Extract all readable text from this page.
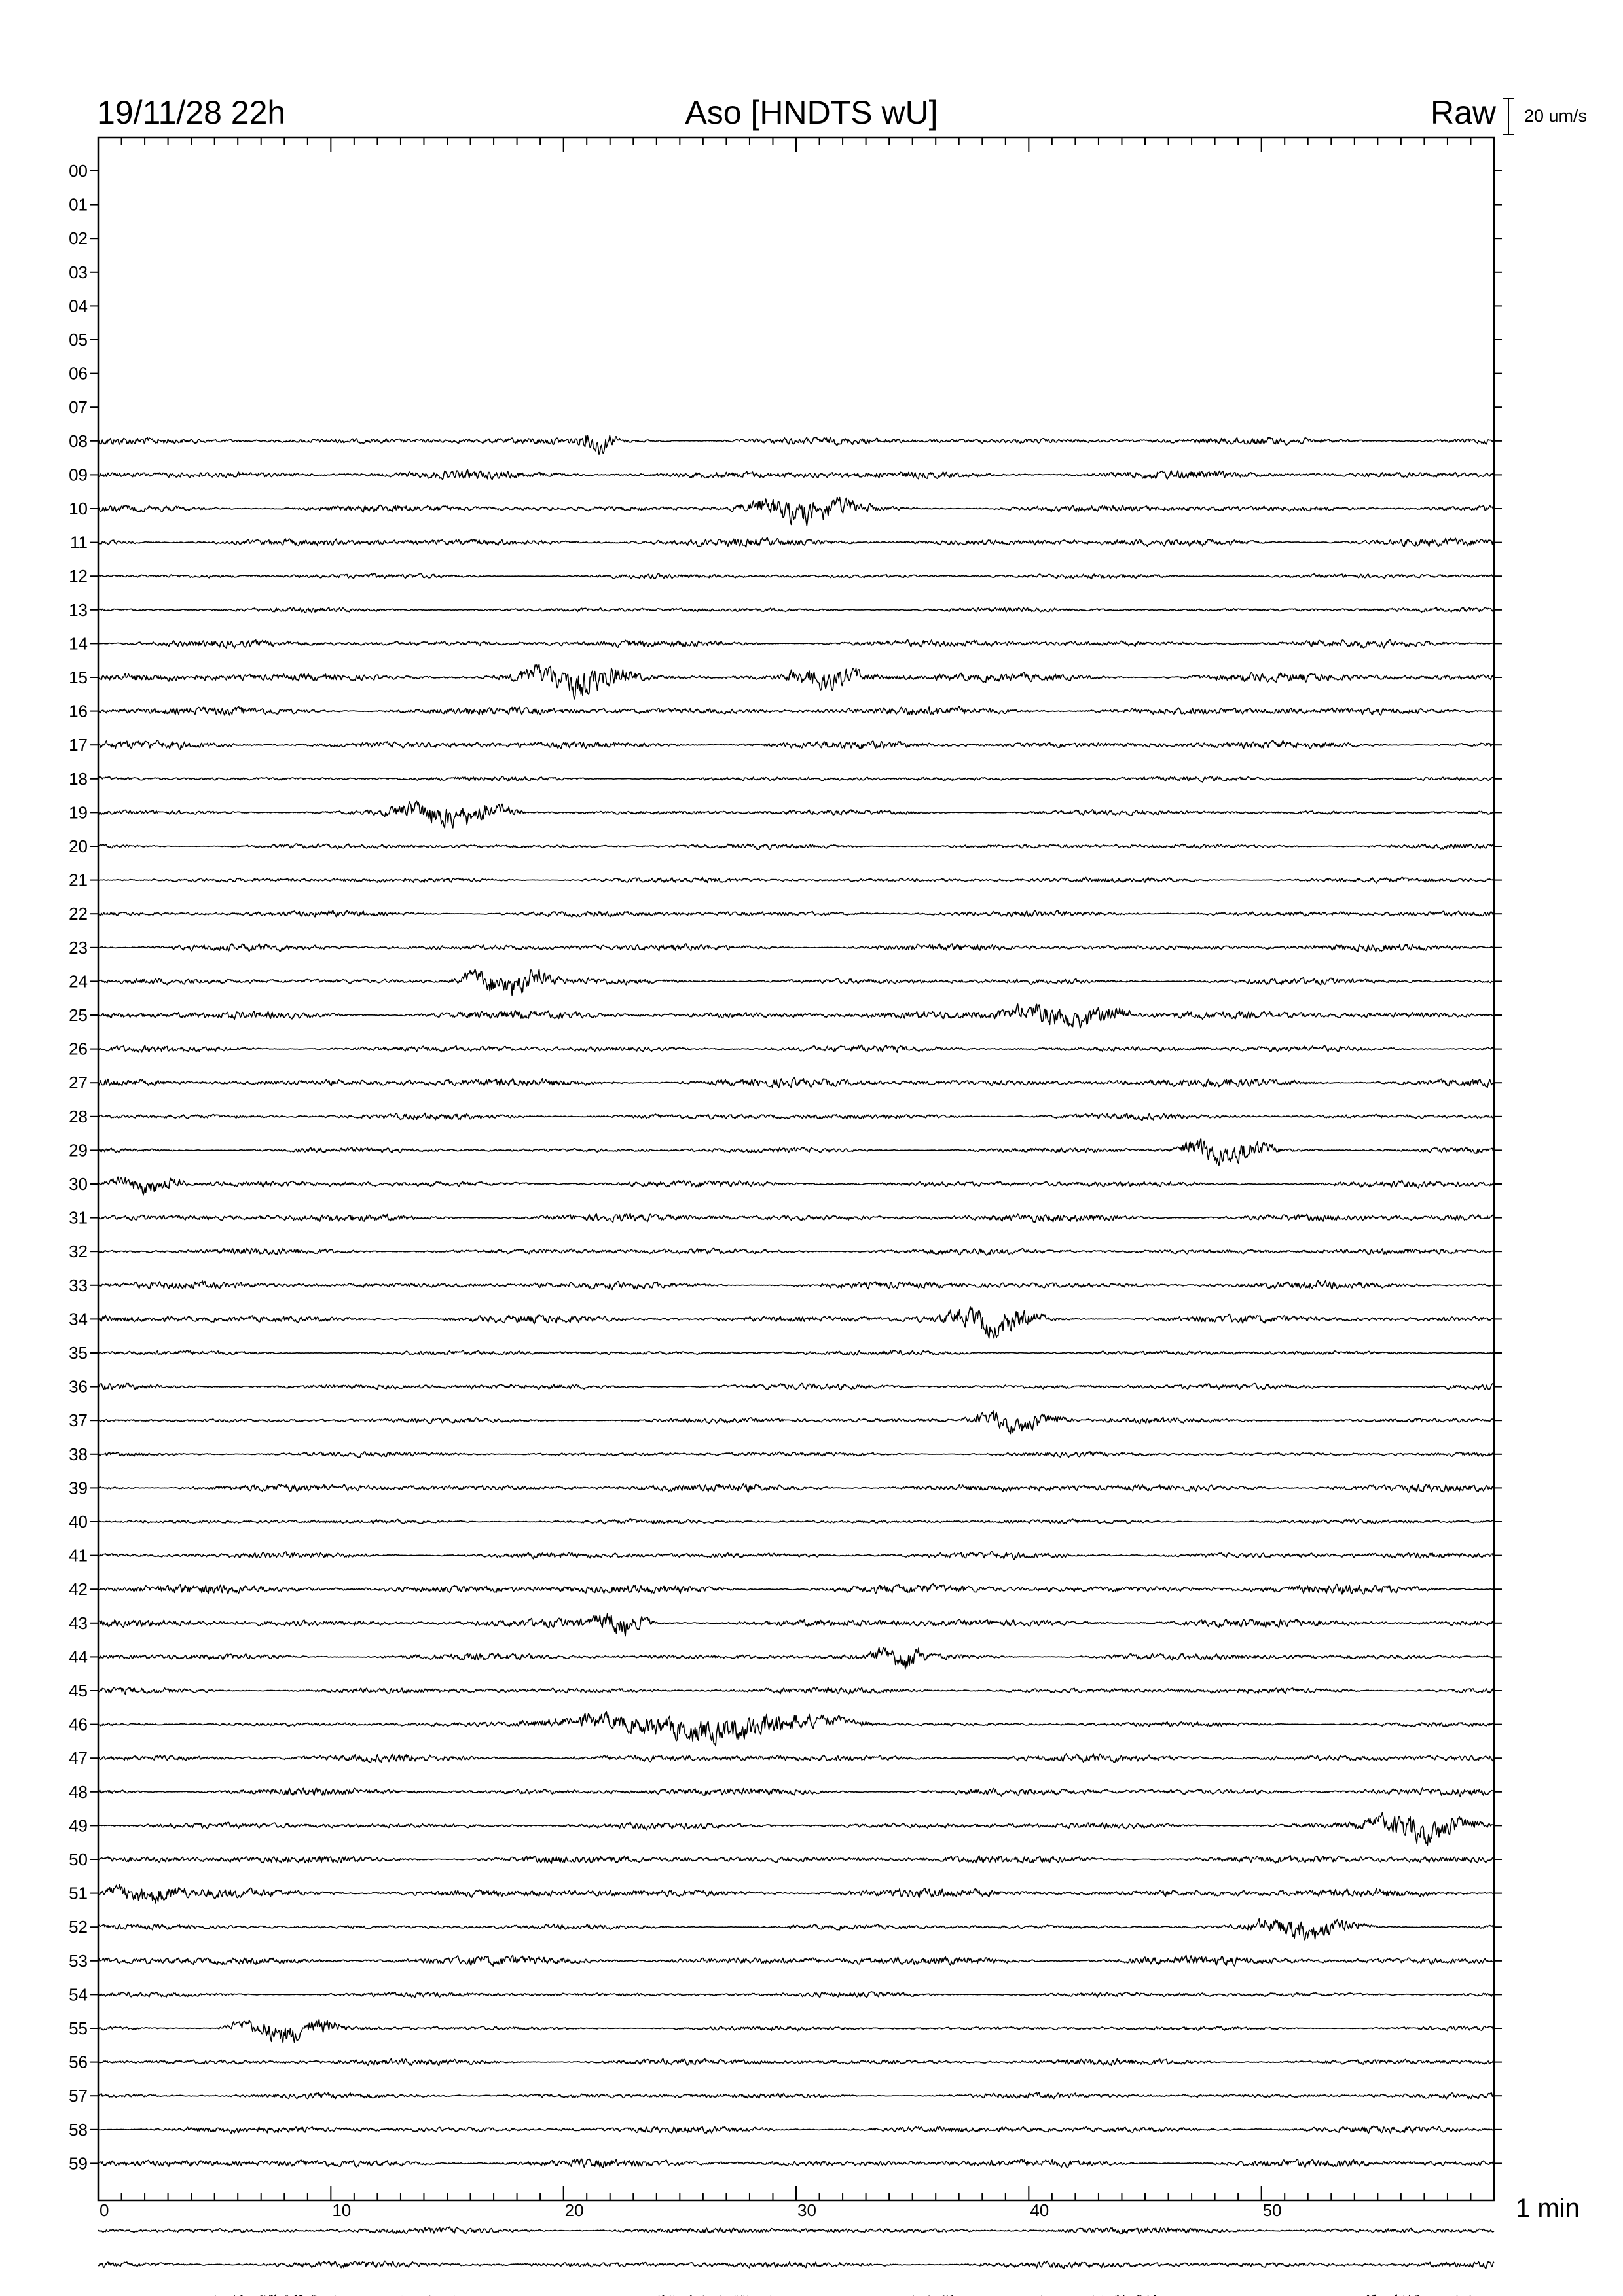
19/11/28 22h	Aso [HNDTS wU]	Raw 20 um/s
1 min
00
01
02
03
04
05
06
07
08
09
10
11
12
13
14
15
16
17
18
19
20
21
22
23
24
25
26
27
28
29
30
31
32
33
34
35
36
37
38
39
40
41
42
43
44
45
46
47
48
49
50
51
52
53
54
55
56
57
58
59
0	10	20	30	40	50
